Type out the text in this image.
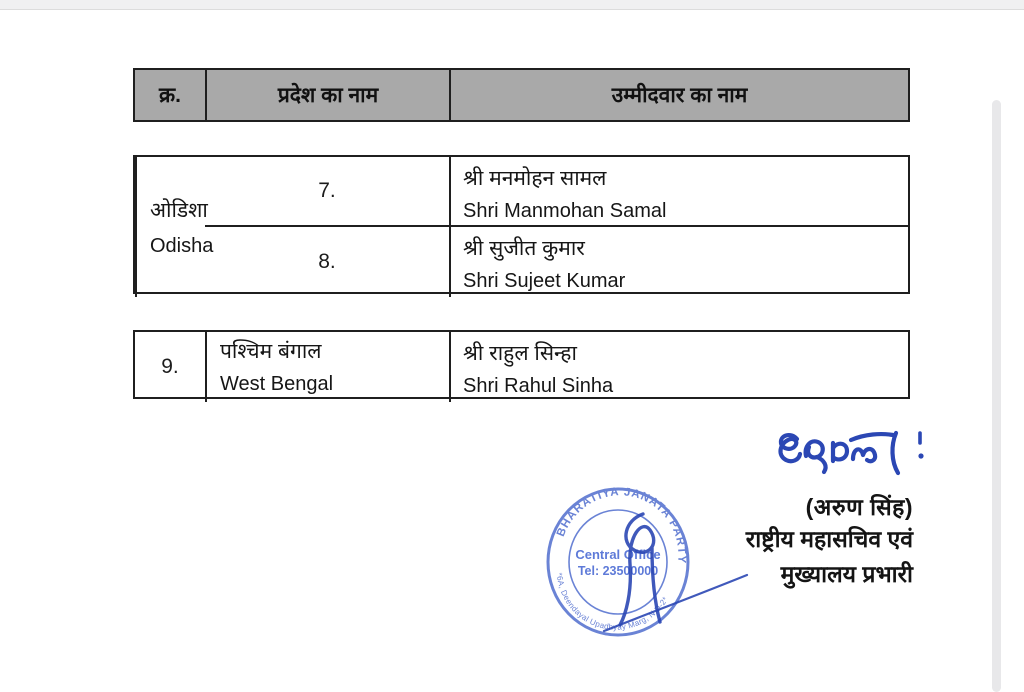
क्र.	प्रदेश का नाम	उम्मीदवार का नाम
7.
ओडिशा
Odisha
श्री मनमोहन सामल
Shri Manmohan Samal
8.
श्री सुजीत कुमार
Shri Sujeet Kumar
9.
पश्चिम बंगाल
West Bengal
श्री राहुल सिन्हा
Shri Rahul Sinha
(अरुण सिंह)
राष्ट्रीय महासचिव एवं
मुख्यालय प्रभारी
BHARATIYA JANATA PARTY
*6A, Deendayal Upadhyay Marg, N.D-2*
Central Office
Tel: 23500000
